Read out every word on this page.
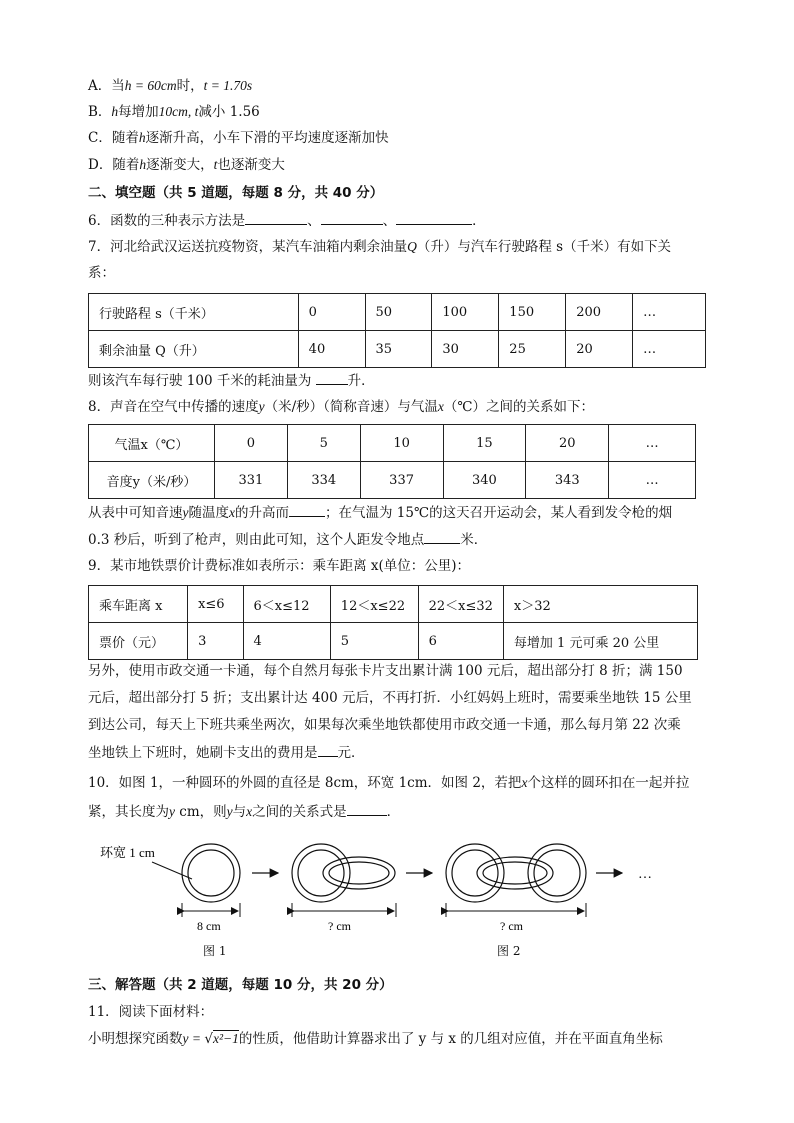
A．当h = 60cm时，t = 1.70s
B．h每增加10cm, t减小 1.56
C．随着h逐渐升高，小车下滑的平均速度逐渐加快
D．随着h逐渐变大，t也逐渐变大
二、填空题（共 5 道题，每题 8 分，共 40 分）
6．函数的三种表示方法是	、	、	．
7．河北给武汉运送抗疫物资，某汽车油箱内剩余油量Q（升）与汽车行驶路程 s（千米）有如下关
系：
行驶路程 s（千米）	0	50	100	150	200	…
剩余油量 Q（升）	40	35	30	25	20	…
则该汽车每行驶 100 千米的耗油量为	升．
8．声音在空气中传播的速度y（米/秒）（简称音速）与气温x（℃）之间的关系如下：
气温x（℃）	0	5	10	15	20	…
音度y（米/秒）	331	334	337	340	343	…
从表中可知音速y随温度x的升高而	；在气温为 15℃的这天召开运动会，某人看到发令枪的烟
0.3 秒后，听到了枪声，则由此可知，这个人距发令地点	米．
9．某市地铁票价计费标准如表所示：乘车距离 x(单位：公里)：
乘车距离 x	x≤6	6＜x≤12	12＜x≤22	22＜x≤32	x＞32
票价（元）	3	4	5	6	每增加 1 元可乘 20 公里
另外，使用市政交通一卡通，每个自然月每张卡片支出累计满 100 元后，超出部分打 8 折；满 150
元后，超出部分打 5 折；支出累计达 400 元后，不再打折．小红妈妈上班时，需要乘坐地铁 15 公里
到达公司，每天上下班共乘坐两次，如果每次乘坐地铁都使用市政交通一卡通，那么每月第 22 次乘
坐地铁上下班时，她刷卡支出的费用是 元．
10．如图 1，一种圆环的外圆的直径是 8cm，环宽 1cm．如图 2，若把x个这样的圆环扣在一起并拉
紧，其长度为y cm，则y与x之间的关系式是	．
环宽 1 cm
8 cm	? cm	? cm
…
图 1	图 2
三、解答题（共 2 道题，每题 10 分，共 20 分）
11．阅读下面材料：
小明想探究函数y = √x²−1的性质，他借助计算器求出了 y 与 x 的几组对应值，并在平面直角坐标
